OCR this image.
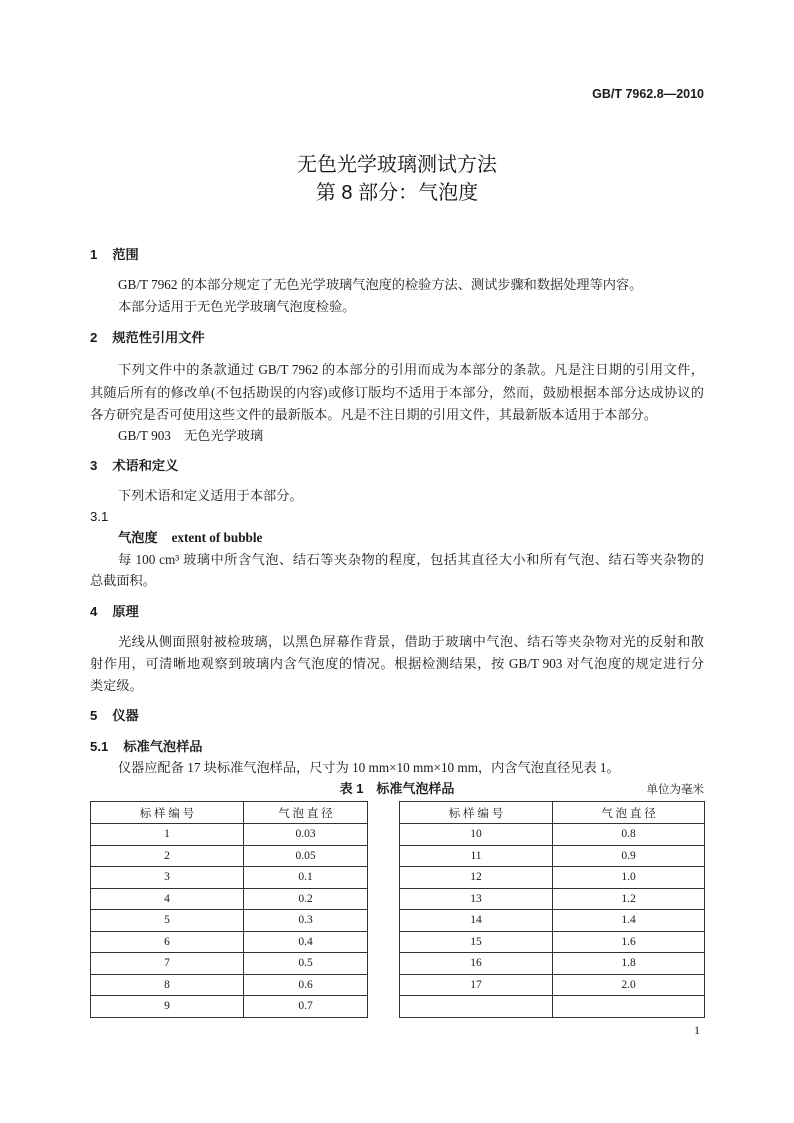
GB/T 7962.8—2010
无色光学玻璃测试方法
第 8 部分：气泡度
1 范围
GB/T 7962 的本部分规定了无色光学玻璃气泡度的检验方法、测试步骤和数据处理等内容。
本部分适用于无色光学玻璃气泡度检验。
2 规范性引用文件
下列文件中的条款通过 GB/T 7962 的本部分的引用而成为本部分的条款。凡是注日期的引用文件，
其随后所有的修改单(不包括勘误的内容)或修订版均不适用于本部分，然而，鼓励根据本部分达成协议的
各方研究是否可使用这些文件的最新版本。凡是不注日期的引用文件，其最新版本适用于本部分。
GB/T 903　无色光学玻璃
3 术语和定义
下列术语和定义适用于本部分。
3.1
气泡度 extent of bubble
每 100 cm³ 玻璃中所含气泡、结石等夹杂物的程度，包括其直径大小和所有气泡、结石等夹杂物的
总截面积。
4 原理
光线从侧面照射被检玻璃，以黑色屏幕作背景，借助于玻璃中气泡、结石等夹杂物对光的反射和散
射作用，可清晰地观察到玻璃内含气泡度的情况。根据检测结果，按 GB/T 903 对气泡度的规定进行分
类定级。
5 仪器
5.1 标准气泡样品
仪器应配备 17 块标准气泡样品，尺寸为 10 mm×10 mm×10 mm，内含气泡直径见表 1。
表 1　标准气泡样品	单位为毫米
标 样 编 号	气 泡 直 径
1	0.03
2	0.05
3	0.1
4	0.2
5	0.3
6	0.4
7	0.5
8	0.6
9	0.7
标 样 编 号	气 泡 直 径
10	0.8
11	0.9
12	1.0
13	1.2
14	1.4
15	1.6
16	1.8
17	2.0

1
